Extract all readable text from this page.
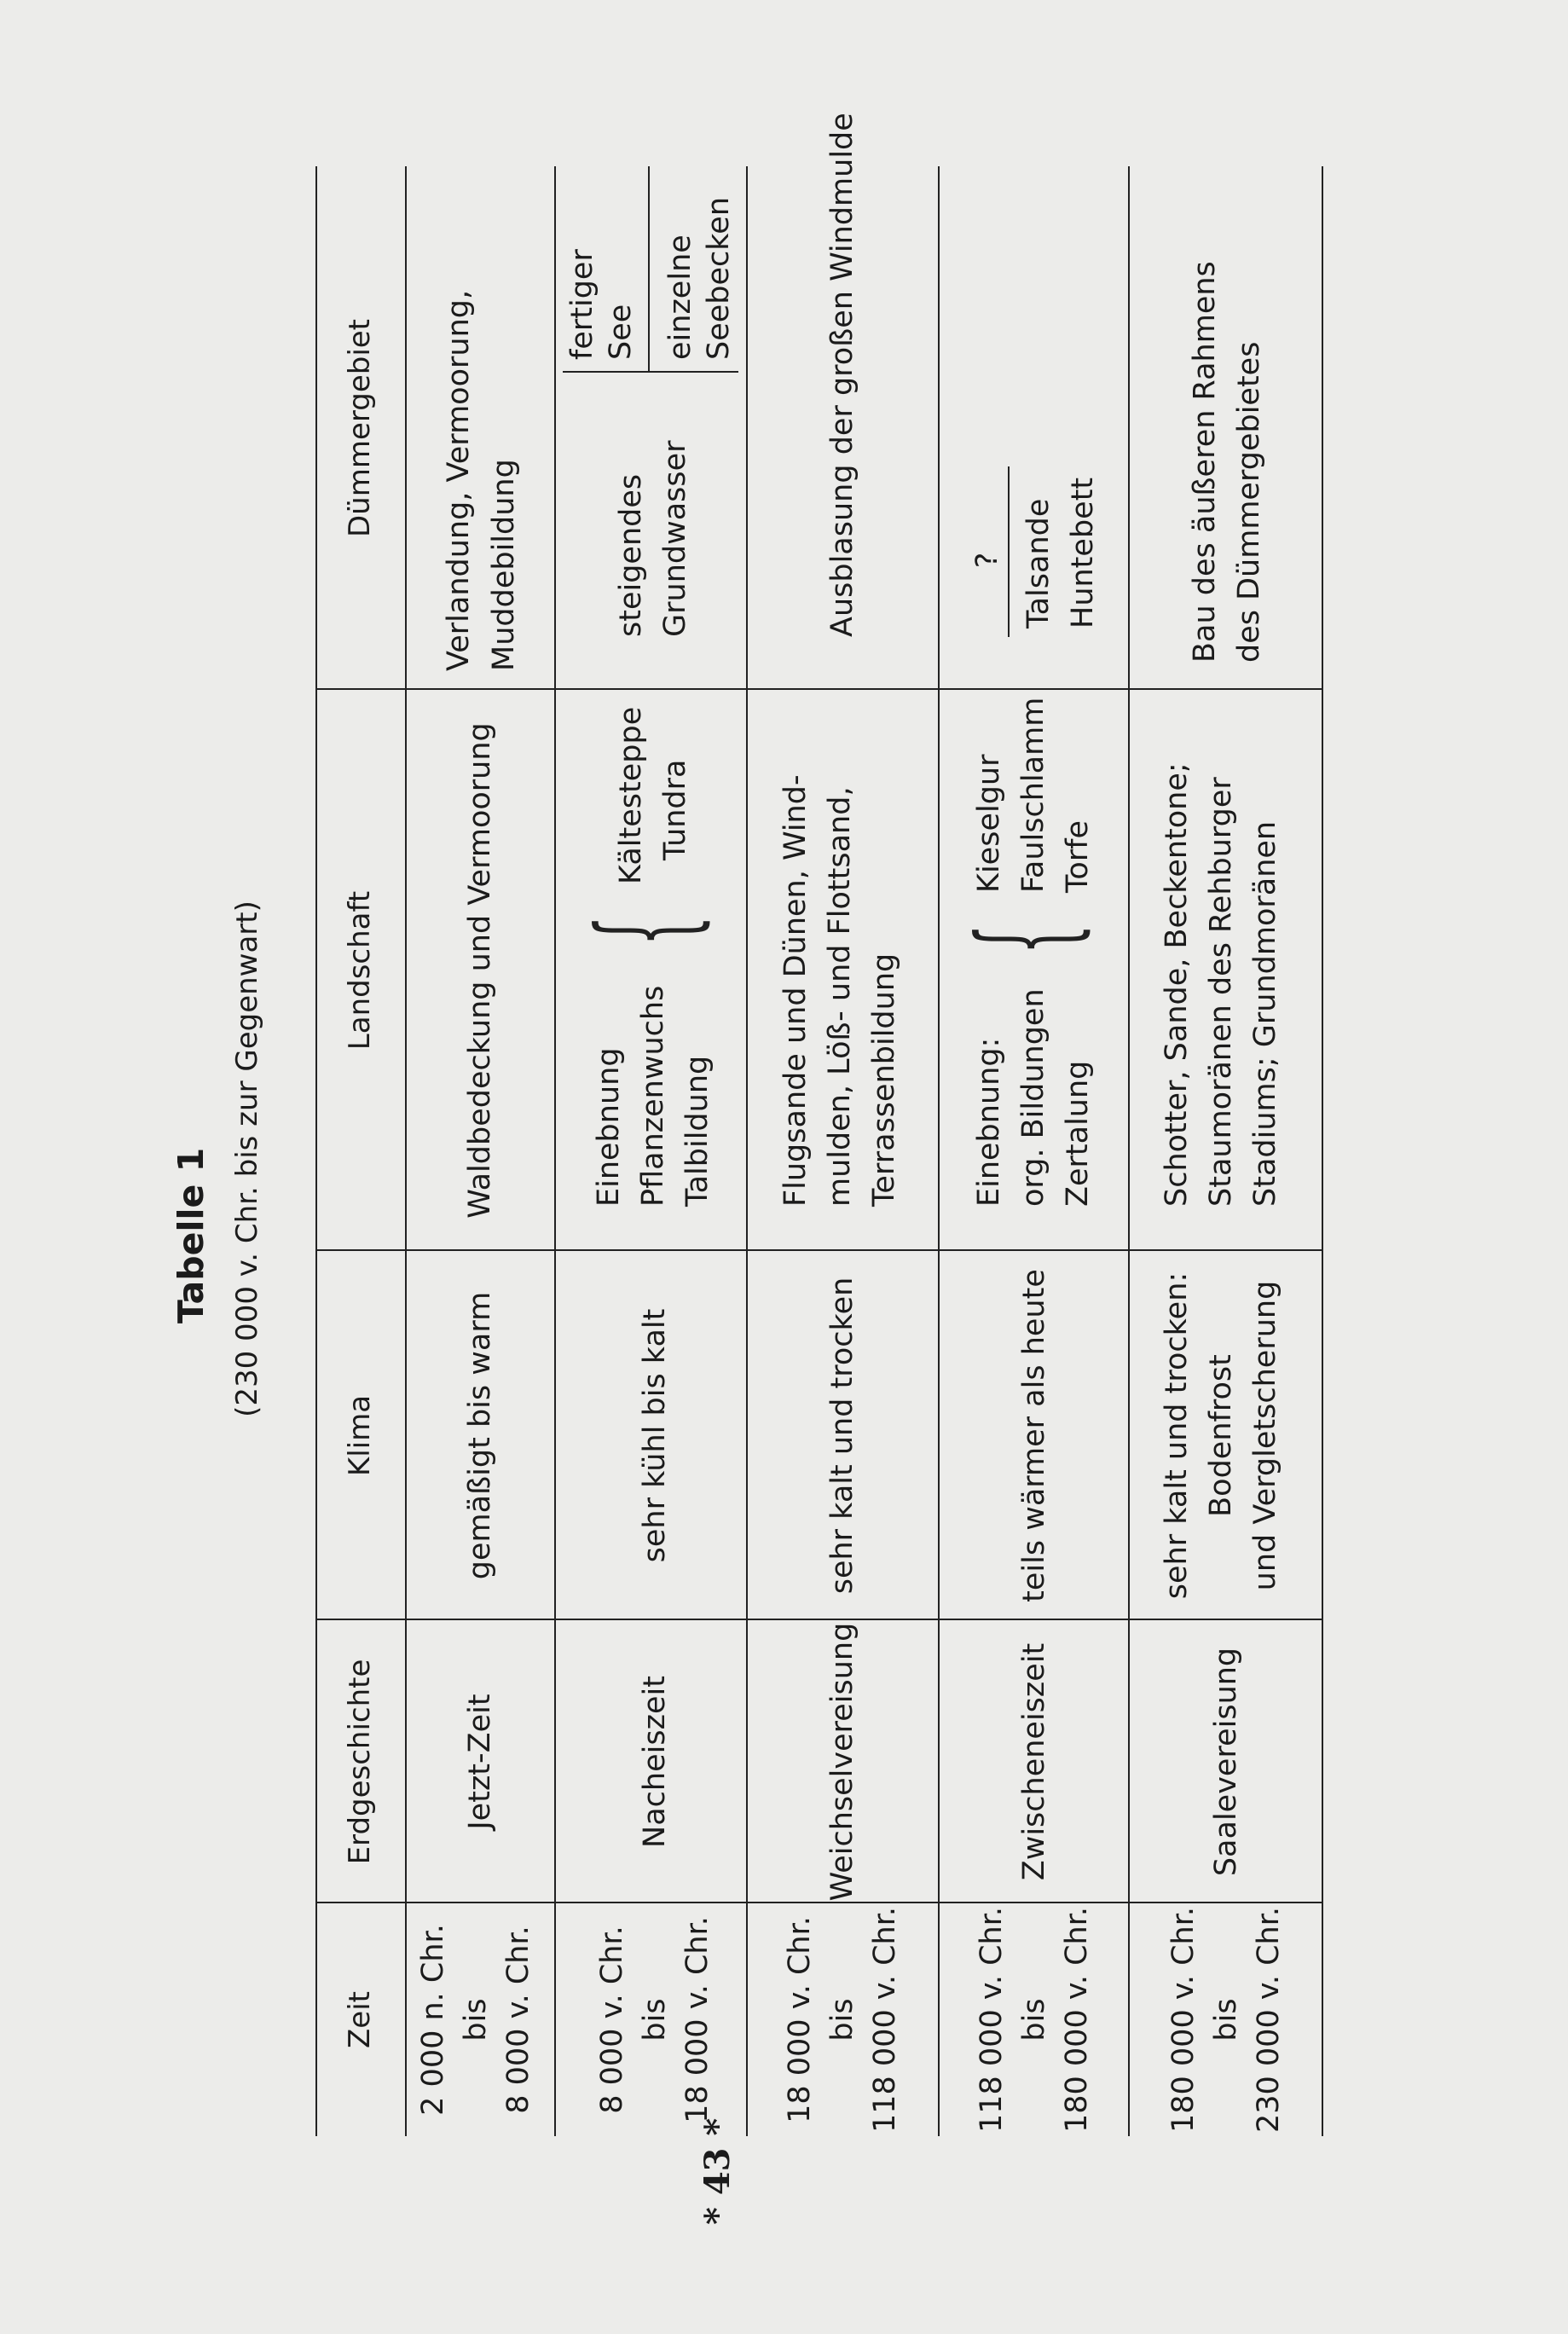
Tabelle 1 (230 000 v. Chr. bis zur Gegenwart)
Zeit
Erdgeschichte
Klima
Landschaft
Dümmergebiet
2 000 n. Chr. bis 8 000 v. Chr.
Jetzt-Zeit
gemäßigt bis warm
Waldbedeckung und Vermoorung
Verlandung, Vermoorung, Muddebildung
8 000 v. Chr. bis 18 000 v. Chr.
Nacheiszeit
sehr kühl bis kalt
Einebnung Pflanzenwuchs Talbildung
{
Kältesteppe Tundra
steigendes Grundwasser
fertiger See einzelne Seebecken
18 000 v. Chr. bis 118 000 v. Chr.
Weichselvereisung
sehr kalt und trocken
Flugsande und Dünen, Wind- mulden, Löß- und Flottsand, Terrassenbildung
Ausblasung der großen Windmulde
118 000 v. Chr. bis 180 000 v. Chr.
Zwischeneiszeit
teils wärmer als heute
Einebnung: org. Bildungen Zertalung
{
Kieselgur Faulschlamm Torfe
? Talsande Huntebett
180 000 v. Chr. bis 230 000 v. Chr.
Saalevereisung
sehr kalt und trocken: Bodenfrost und Vergletscherung
Schotter, Sande, Beckentone; Staumoränen des Rehburger Stadiums; Grundmoränen
Bau des äußeren Rahmens des Dümmergebietes
* 43 *
